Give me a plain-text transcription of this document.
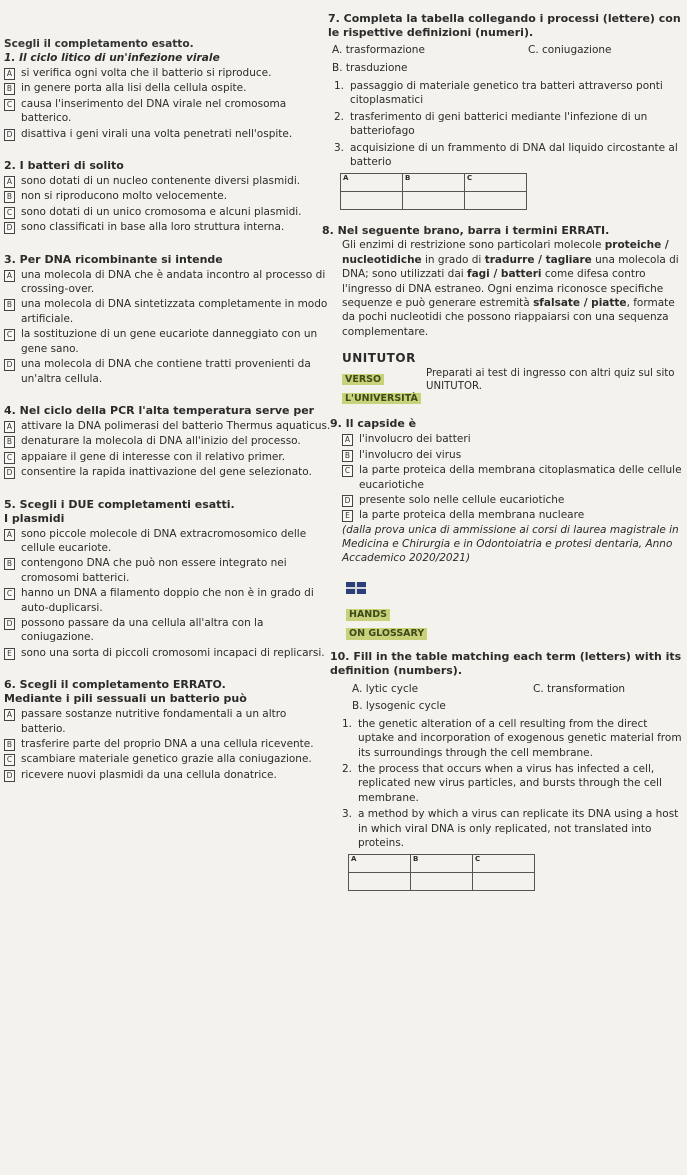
Scegli il completamento esatto.
1. Il ciclo litico di un'infezione virale
A si verifica ogni volta che il batterio si riproduce.
B in genere porta alla lisi della cellula ospite.
C causa l'inserimento del DNA virale nel cromosoma batterico.
D disattiva i geni virali una volta penetrati nell'ospite.
2. I batteri di solito
A sono dotati di un nucleo contenente diversi plasmidi.
B non si riproducono molto velocemente.
C sono dotati di un unico cromosoma e alcuni plasmidi.
D sono classificati in base alla loro struttura interna.
3. Per DNA ricombinante si intende
A una molecola di DNA che è andata incontro al processo di crossing-over.
B una molecola di DNA sintetizzata completamente in modo artificiale.
C la sostituzione di un gene eucariote danneggiato con un gene sano.
D una molecola di DNA che contiene tratti provenienti da un'altra cellula.
4. Nel ciclo della PCR l'alta temperatura serve per
A attivare la DNA polimerasi del batterio Thermus aquaticus.
B denaturare la molecola di DNA all'inizio del processo.
C appaiare il gene di interesse con il relativo primer.
D consentire la rapida inattivazione del gene selezionato.
5. Scegli i DUE completamenti esatti.
I plasmidi
A sono piccole molecole di DNA extracromosomico delle cellule eucariote.
B contengono DNA che può non essere integrato nei cromosomi batterici.
C hanno un DNA a filamento doppio che non è in grado di auto-duplicarsi.
D possono passare da una cellula all'altra con la coniugazione.
E sono una sorta di piccoli cromosomi incapaci di replicarsi.
6. Scegli il completamento ERRATO.
Mediante i pili sessuali un batterio può
A passare sostanze nutritive fondamentali a un altro batterio.
B trasferire parte del proprio DNA a una cellula ricevente.
C scambiare materiale genetico grazie alla coniugazione.
D ricevere nuovi plasmidi da una cellula donatrice.
7. Completa la tabella collegando i processi (lettere) con le rispettive definizioni (numeri).
A. trasformazione	C. coniugazione
B. trasduzione
1. passaggio di materiale genetico tra batteri attraverso ponti citoplasmatici
2. trasferimento di geni batterici mediante l'infezione di un batteriofago
3. acquisizione di un frammento di DNA dal liquido circostante al batterio
A	B	C

8. Nel seguente brano, barra i termini ERRATI.
Gli enzimi di restrizione sono particolari molecole proteiche / nucleotidiche in grado di tradurre / tagliare una molecola di DNA; sono utilizzati dai fagi / batteri come difesa contro l'ingresso di DNA estraneo. Ogni enzima riconosce specifiche sequenze e può generare estremità sfalsate / piatte, formate da pochi nucleotidi che possono riappaiarsi con una sequenza complementare.
UNITUTOR
VERSO
L'UNIVERSITÀ
Preparati ai test di ingresso con altri quiz sul sito UNITUTOR.
9. Il capside è
A l'involucro dei batteri
B l'involucro dei virus
C la parte proteica della membrana citoplasmatica delle cellule eucariotiche
D presente solo nelle cellule eucariotiche
E la parte proteica della membrana nucleare
(dalla prova unica di ammissione ai corsi di laurea magistrale in Medicina e Chirurgia e in Odontoiatria e protesi dentaria, Anno Accademico 2020/2021)
HANDS
ON GLOSSARY
10. Fill in the table matching each term (letters) with its definition (numbers).
A. lytic cycle	C. transformation
B. lysogenic cycle
1. the genetic alteration of a cell resulting from the direct uptake and incorporation of exogenous genetic material from its surroundings through the cell membrane.
2. the process that occurs when a virus has infected a cell, replicated new virus particles, and bursts through the cell membrane.
3. a method by which a virus can replicate its DNA using a host in which viral DNA is only replicated, not translated into proteins.
A	B	C
